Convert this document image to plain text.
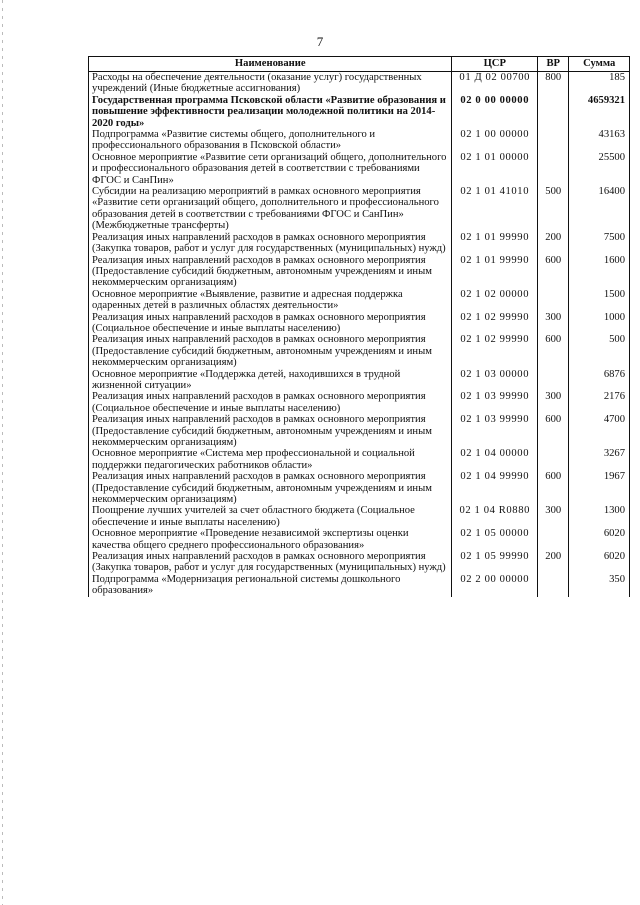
7
Наименование	ЦСР	ВР	Сумма
Расходы на обеспечение деятельности (оказание услуг) государственных учреждений (Иные бюджетные ассигнования)	01 Д 02 00700	800	185
Государственная программа Псковской области «Развитие образования и повышение эффективности реализации молодежной политики на 2014-2020 годы»	02 0 00 00000		4659321
Подпрограмма «Развитие системы общего, дополнительного и профессионального образования в Псковской области»	02 1 00 00000		43163
Основное мероприятие «Развитие сети организаций общего, дополнительного и профессионального образования детей в соответствии с требованиями ФГОС и СанПин»	02 1 01 00000		25500
Субсидии на реализацию мероприятий в рамках основного мероприятия «Развитие сети организаций общего, дополнительного и профессионального образования детей в соответствии с требованиями ФГОС и СанПин» (Межбюджетные трансферты)	02 1 01 41010	500	16400
Реализация иных направлений расходов в рамках основного мероприятия (Закупка товаров, работ и услуг для государственных (муниципальных) нужд)	02 1 01 99990	200	7500
Реализация иных направлений расходов в рамках основного мероприятия (Предоставление субсидий бюджетным, автономным учреждениям и иным некоммерческим организациям)	02 1 01 99990	600	1600
Основное мероприятие «Выявление, развитие и адресная поддержка одаренных детей в различных областях деятельности»	02 1 02 00000		1500
Реализация иных направлений расходов в рамках основного мероприятия (Социальное обеспечение и иные выплаты населению)	02 1 02 99990	300	1000
Реализация иных направлений расходов в рамках основного мероприятия (Предоставление субсидий бюджетным, автономным учреждениям и иным некоммерческим организациям)	02 1 02 99990	600	500
Основное мероприятие «Поддержка детей, находившихся в трудной жизненной ситуации»	02 1 03 00000		6876
Реализация иных направлений расходов в рамках основного мероприятия (Социальное обеспечение и иные выплаты населению)	02 1 03 99990	300	2176
Реализация иных направлений расходов в рамках основного мероприятия (Предоставление субсидий бюджетным, автономным учреждениям и иным некоммерческим организациям)	02 1 03 99990	600	4700
Основное мероприятие «Система мер профессиональной и социальной поддержки педагогических работников области»	02 1 04 00000		3267
Реализация иных направлений расходов в рамках основного мероприятия (Предоставление субсидий бюджетным, автономным учреждениям и иным некоммерческим организациям)	02 1 04 99990	600	1967
Поощрение лучших учителей за счет областного бюджета (Социальное обеспечение и иные выплаты населению)	02 1 04 R0880	300	1300
Основное мероприятие «Проведение независимой экспертизы оценки качества общего среднего профессионального образования»	02 1 05 00000		6020
Реализация иных направлений расходов в рамках основного мероприятия (Закупка товаров, работ и услуг для государственных (муниципальных) нужд)	02 1 05 99990	200	6020
Подпрограмма «Модернизация региональной системы дошкольного образования»	02 2 00 00000		350
